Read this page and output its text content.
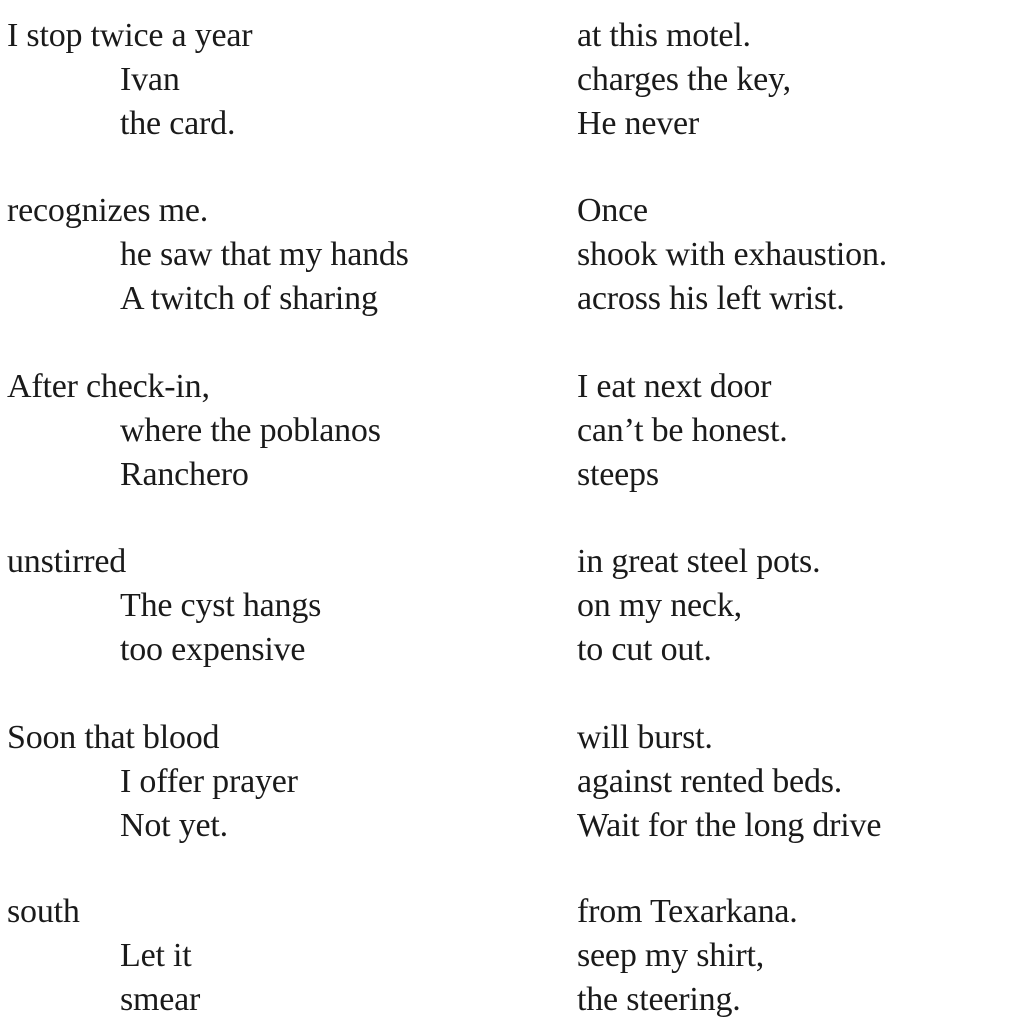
I stop twice a year	at this motel.
Ivan	charges the key,
the card.	He never
recognizes me.	Once
he saw that my hands	shook with exhaustion.
A twitch of sharing	across his left wrist.
After check-in,	I eat next door
where the poblanos	can’t be honest.
Ranchero	steeps
unstirred	in great steel pots.
The cyst hangs	on my neck,
too expensive	to cut out.
Soon that blood	will burst.
I offer prayer	against rented beds.
Not yet.	Wait for the long drive
south	from Texarkana.
Let it	seep my shirt,
smear	the steering.
